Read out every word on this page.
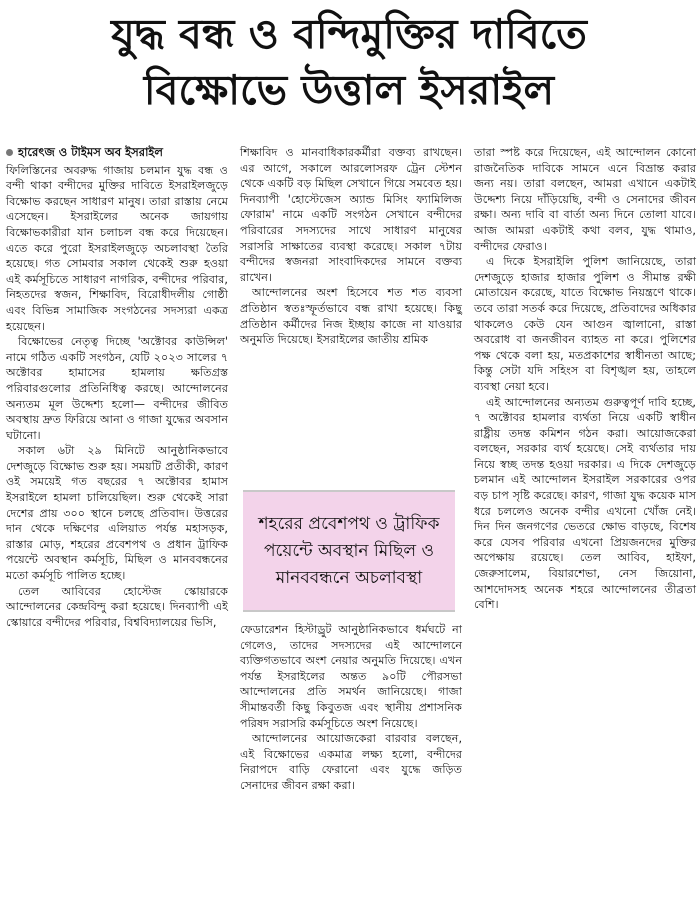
যুদ্ধ বন্ধ ও বন্দিমুক্তির দাবিতে
বিক্ষোভে উত্তাল ইসরাইল
হারেৎজ ও টাইমস অব ইসরাইল

ফিলিস্তিনের অবরুদ্ধ গাজায় চলমান যুদ্ধ বন্ধ ও বন্দী থাকা বন্দীদের মুক্তির দাবিতে ইসরাইলজুড়ে বিক্ষোভ করছেন সাধারণ মানুষ। তারা রাস্তায় নেমে এসেছেন। ইসরাইলের অনেক জায়গায় বিক্ষোভকারীরা যান চলাচল বন্ধ করে দিয়েছেন। এতে করে পুরো ইসরাইলজুড়ে অচলাবস্থা তৈরি হয়েছে। গত সোমবার সকাল থেকেই শুরু হওয়া এই কর্মসূচিতে সাধারণ নাগরিক, বন্দীদের পরিবার, নিহতদের স্বজন, শিক্ষাবিদ, বিরোধীদলীয় গোষ্ঠী এবং বিভিন্ন সামাজিক সংগঠনের সদস্যরা একত্র হয়েছেন।

বিক্ষোভের নেতৃত্ব দিচ্ছে 'অক্টোবর কাউন্সিল' নামে গঠিত একটি সংগঠন, যেটি ২০২৩ সালের ৭ অক্টোবর হামাসের হামলায় ক্ষতিগ্রস্ত পরিবারগুলোর প্রতিনিধিত্ব করছে। আন্দোলনের অন্যতম মূল উদ্দেশ্য হলো— বন্দীদের জীবিত অবস্থায় দ্রুত ফিরিয়ে আনা ও গাজা যুদ্ধের অবসান ঘটানো।

সকাল ৬টা ২৯ মিনিটে আনুষ্ঠানিকভাবে দেশজুড়ে বিক্ষোভ শুরু হয়। সময়টি প্রতীকী, কারণ ওই সময়েই গত বছরের ৭ অক্টোবর হামাস ইসরাইলে হামলা চালিয়েছিল। শুরু থেকেই সারা দেশের প্রায় ৩০০ স্থানে চলছে প্রতিবাদ। উত্তরের দান থেকে দক্ষিণের এলিয়াত পর্যন্ত মহাসড়ক, রাস্তার মোড়, শহরের প্রবেশপথ ও প্রধান ট্রাফিক পয়েন্টে অবস্থান কর্মসূচি, মিছিল ও মানববন্ধনের মতো কর্মসূচি পালিত হচ্ছে।

তেল আবিবের হোস্টেজ স্কোয়ারকে আন্দোলনের কেন্দ্রবিন্দু করা হয়েছে। দিনব্যাপী এই স্কোয়ারে বন্দীদের পরিবার, বিশ্ববিদ্যালয়ের ভিসি,

শিক্ষাবিদ ও মানবাধিকারকর্মীরা বক্তব্য রাখছেন। এর আগে, সকালে আরলোসরফ ট্রেন স্টেশন থেকে একটি বড় মিছিল সেখানে গিয়ে সমবেত হয়। দিনব্যাপী 'হোস্টেজেস অ্যান্ড মিসিং ফ্যামিলিজ ফোরাম' নামে একটি সংগঠন সেখানে বন্দীদের পরিবারের সদস্যদের সাথে সাধারণ মানুষের সরাসরি সাক্ষাতের ব্যবস্থা করেছে। সকাল ৭টায় বন্দীদের স্বজনরা সাংবাদিকদের সামনে বক্তব্য রাখেন।

আন্দোলনের অংশ হিসেবে শত শত ব্যবসা প্রতিষ্ঠান স্বতঃস্ফূর্তভাবে বন্ধ রাখা হয়েছে। কিছু প্রতিষ্ঠান কর্মীদের নিজ ইচ্ছায় কাজে না যাওয়ার অনুমতি দিয়েছে। ইসরাইলের জাতীয় শ্রমিক

শহরের প্রবেশপথ ও ট্রাফিক পয়েন্টে অবস্থান মিছিল ও মানববন্ধনে অচলাবস্থা

ফেডারেশন হিস্টাড্রুট আনুষ্ঠানিকভাবে ধর্মঘটে না গেলেও, তাদের সদস্যদের এই আন্দোলনে ব্যক্তিগতভাবে অংশ নেয়ার অনুমতি দিয়েছে। এখন পর্যন্ত ইসরাইলের অন্তত ৯০টি পৌরসভা আন্দোলনের প্রতি সমর্থন জানিয়েছে। গাজা সীমান্তবর্তী কিছু কিবুতজ এবং স্থানীয় প্রশাসনিক পরিষদ সরাসরি কর্মসূচিতে অংশ নিয়েছে।

আন্দোলনের আয়োজকেরা বারবার বলছেন, এই বিক্ষোভের একমাত্র লক্ষ্য হলো, বন্দীদের নিরাপদে বাড়ি ফেরানো এবং যুদ্ধে জড়িত সেনাদের জীবন রক্ষা করা।

তারা স্পষ্ট করে দিয়েছেন, এই আন্দোলন কোনো রাজনৈতিক দাবিকে সামনে এনে বিভ্রান্ত করার জন্য নয়। তারা বলছেন, আমরা এখানে একটাই উদ্দেশ্য নিয়ে দাঁড়িয়েছি, বন্দী ও সেনাদের জীবন রক্ষা। অন্য দাবি বা বার্তা অন্য দিনে তোলা যাবে। আজ আমরা একটাই কথা বলব, যুদ্ধ থামাও, বন্দীদের ফেরাও।

এ দিকে ইসরাইলি পুলিশ জানিয়েছে, তারা দেশজুড়ে হাজার হাজার পুলিশ ও সীমান্ত রক্ষী মোতায়েন করেছে, যাতে বিক্ষোভ নিয়ন্ত্রণে থাকে। তবে তারা সতর্ক করে দিয়েছে, প্রতিবাদের অধিকার থাকলেও কেউ যেন আগুন জ্বালানো, রাস্তা অবরোধ বা জনজীবন ব্যাহত না করে। পুলিশের পক্ষ থেকে বলা হয়, মতপ্রকাশের স্বাধীনতা আছে; কিন্তু সেটা যদি সহিংস বা বিশৃঙ্খল হয়, তাহলে ব্যবস্থা নেয়া হবে।

এই আন্দোলনের অন্যতম গুরুত্বপূর্ণ দাবি হচ্ছে, ৭ অক্টোবর হামলার ব্যর্থতা নিয়ে একটি স্বাধীন রাষ্ট্রীয় তদন্ত কমিশন গঠন করা। আয়োজকেরা বলছেন, সরকার ব্যর্থ হয়েছে। সেই ব্যর্থতার দায় নিয়ে স্বচ্ছ তদন্ত হওয়া দরকার। এ দিকে দেশজুড়ে চলমান এই আন্দোলন ইসরাইল সরকারের ওপর বড় চাপ সৃষ্টি করেছে। কারণ, গাজা যুদ্ধ কয়েক মাস ধরে চললেও অনেক বন্দীর এখনো খোঁজ নেই। দিন দিন জনগণের ভেতরে ক্ষোভ বাড়ছে, বিশেষ করে যেসব পরিবার এখনো প্রিয়জনদের মুক্তির অপেক্ষায় রয়েছে। তেল আবিব, হাইফা, জেরুসালেম, বিয়ারশেভা, নেস জিয়োনা, আশদোদসহ অনেক শহরে আন্দোলনের তীব্রতা বেশি।
